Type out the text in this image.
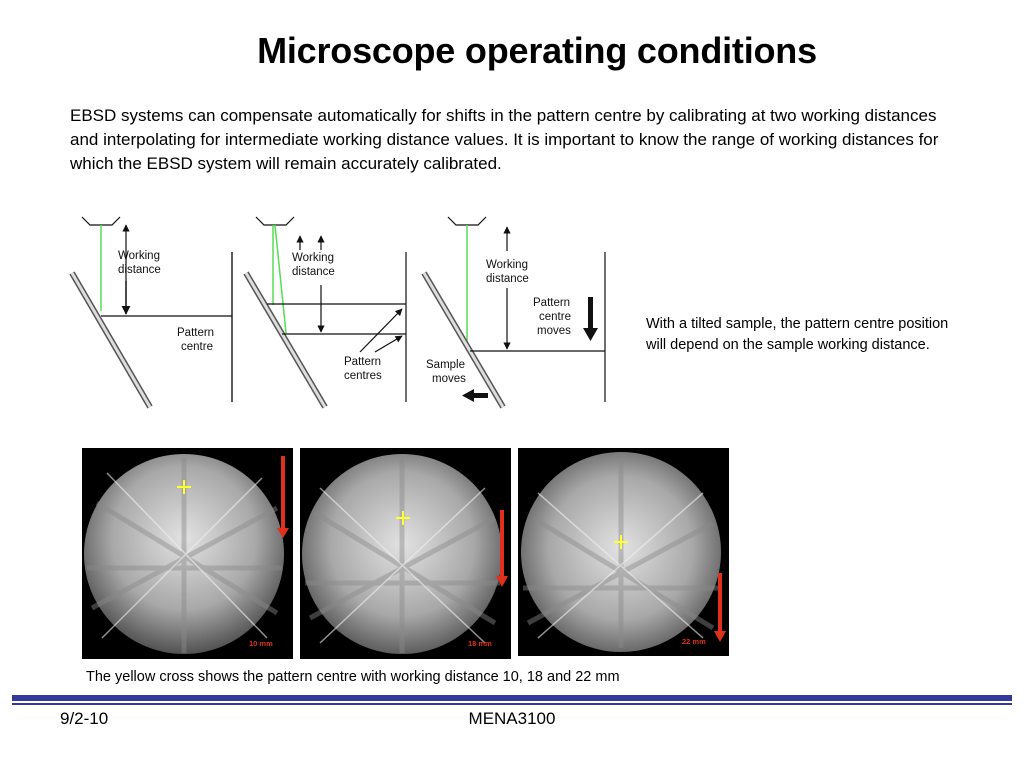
Microscope operating conditions
EBSD systems can compensate automatically for shifts in the pattern centre by calibrating at two working distances and interpolating for intermediate working distance values. It is important to know the range of working distances for which the EBSD system will remain accurately calibrated.
Working
distance
Pattern
centre
Working
distance
Pattern
centres
Working
distance
Pattern
centre
moves
Sample
moves
With a tilted sample, the pattern centre position will depend on the sample working distance.
10 mm	18 mm	22 mm
The yellow cross shows the pattern centre with working distance 10, 18 and 22 mm
9/2-10	MENA3100
